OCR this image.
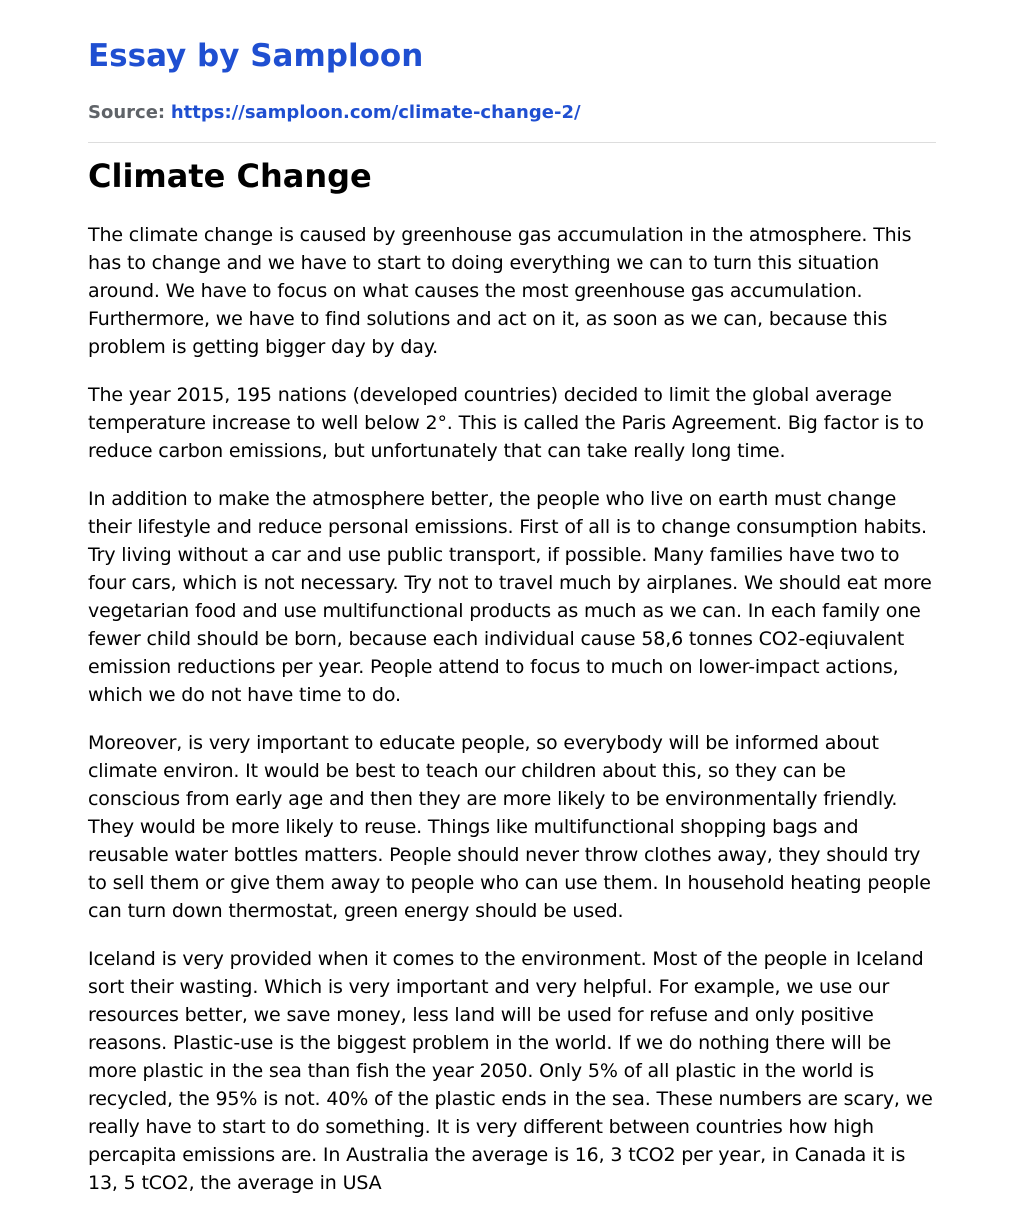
Essay by Samploon
Source: https://samploon.com/climate-change-2/
Climate Change

The climate change is caused by greenhouse gas accumulation in the atmosphere. This has to change and we have to start to doing everything we can to turn this situation around. We have to focus on what causes the most greenhouse gas accumulation. Furthermore, we have to find solutions and act on it, as soon as we can, because this problem is getting bigger day by day.

The year 2015, 195 nations (developed countries) decided to limit the global average temperature increase to well below 2°. This is called the Paris Agreement. Big factor is to reduce carbon emissions, but unfortunately that can take really long time.

In addition to make the atmosphere better, the people who live on earth must change their lifestyle and reduce personal emissions. First of all is to change consumption habits. Try living without a car and use public transport, if possible. Many families have two to four cars, which is not necessary. Try not to travel much by airplanes. We should eat more vegetarian food and use multifunctional products as much as we can. In each family one fewer child should be born, because each individual cause 58,6 tonnes CO2-eqiuvalent emission reductions per year. People attend to focus to much on lower-impact actions, which we do not have time to do.

Moreover, is very important to educate people, so everybody will be informed about climate environ. It would be best to teach our children about this, so they can be conscious from early age and then they are more likely to be environmentally friendly. They would be more likely to reuse. Things like multifunctional shopping bags and reusable water bottles matters. People should never throw clothes away, they should try to sell them or give them away to people who can use them. In household heating people can turn down thermostat, green energy should be used.

Iceland is very provided when it comes to the environment. Most of the people in Iceland sort their wasting. Which is very important and very helpful. For example, we use our resources better, we save money, less land will be used for refuse and only positive reasons. Plastic-use is the biggest problem in the world. If we do nothing there will be more plastic in the sea than fish the year 2050. Only 5% of all plastic in the world is recycled, the 95% is not. 40% of the plastic ends in the sea. These numbers are scary, we really have to start to do something. It is very different between countries how high percapita emissions are. In Australia the average is 16, 3 tCO2 per year, in Canada it is 13, 5 tCO2, the average in USA
